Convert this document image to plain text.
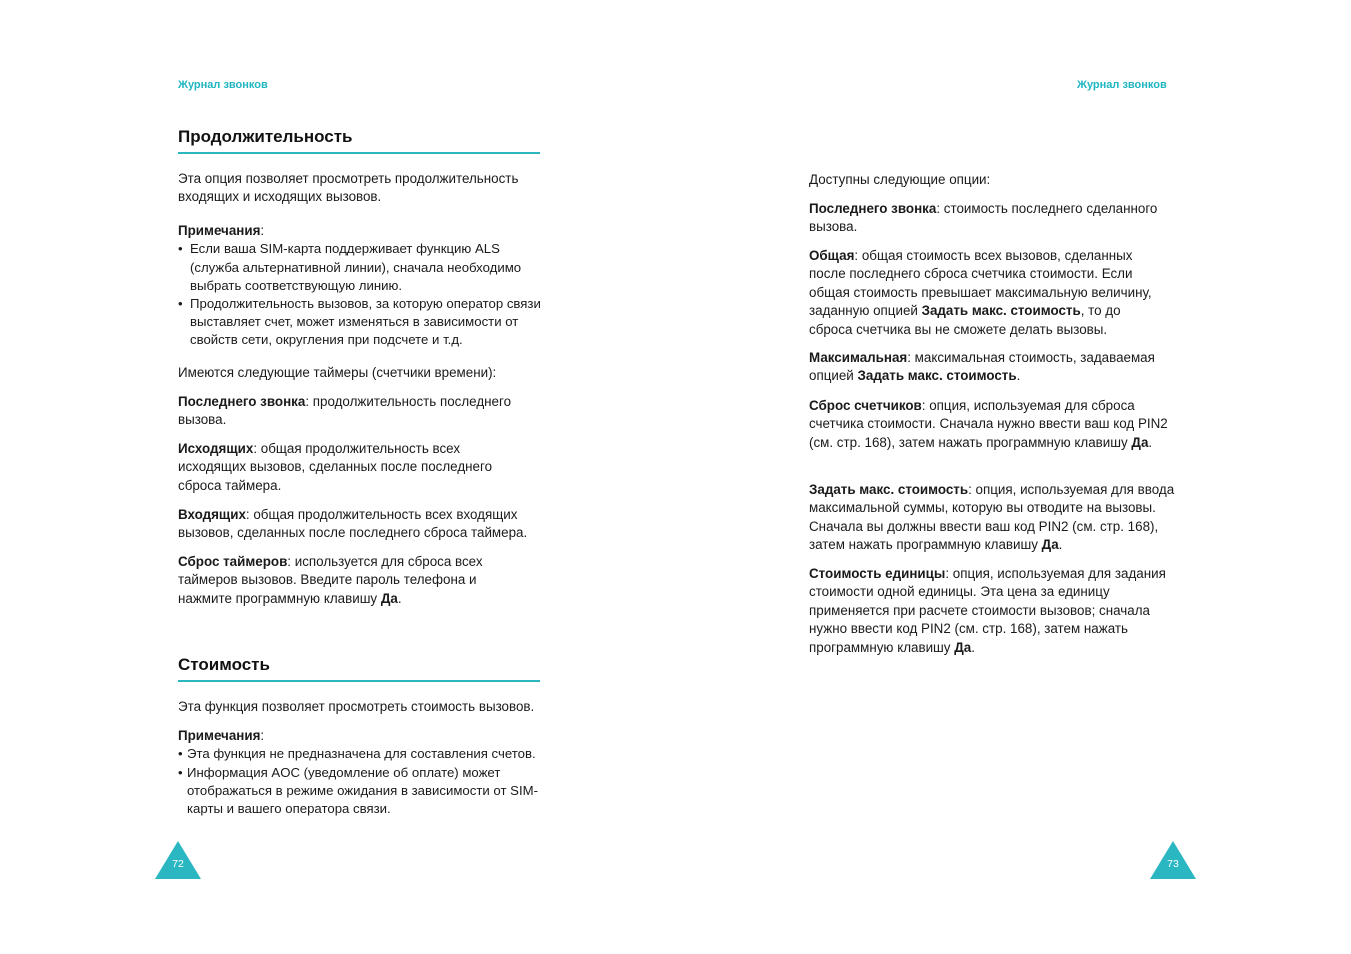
Журнал звонков
Продолжительность

Эта опция позволяет просмотреть продолжительность входящих и исходящих вызовов.

Примечания:

• Если ваша SIM-карта поддерживает функцию ALS (служба альтернативной линии), сначала необходимо выбрать соответствующую линию.
• Продолжительность вызовов, за которую оператор связи выставляет счет, может изменяться в зависимости от свойств сети, округления при подсчете и т.д.

Имеются следующие таймеры (счетчики времени):

Последнего звонка: продолжительность последнего вызова.

Исходящих: общая продолжительность всех исходящих вызовов, сделанных после последнего сброса таймера.

Входящих: общая продолжительность всех входящих вызовов, сделанных после последнего сброса таймера.

Сброс таймеров: используется для сброса всех таймеров вызовов. Введите пароль телефона и нажмите программную клавишу Да.

Стоимость

Эта функция позволяет просмотреть стоимость вызовов.

Примечания:

• Эта функция не предназначена для составления счетов.
• Информация AOC (уведомление об оплате) может отображаться в режиме ожидания в зависимости от SIM-карты и вашего оператора связи.
72
Журнал звонков

Доступны следующие опции:

Последнего звонка: стоимость последнего сделанного вызова.

Общая: общая стоимость всех вызовов, сделанных после последнего сброса счетчика стоимости. Если общая стоимость превышает максимальную величину, заданную опцией Задать макс. стоимость, то до сброса счетчика вы не сможете делать вызовы.

Максимальная: максимальная стоимость, задаваемая опцией Задать макс. стоимость.

Сброс счетчиков: опция, используемая для сброса счетчика стоимости. Сначала нужно ввести ваш код PIN2 (см. стр. 168), затем нажать программную клавишу Да.

Задать макс. стоимость: опция, используемая для ввода максимальной суммы, которую вы отводите на вызовы. Сначала вы должны ввести ваш код PIN2 (см. стр. 168), затем нажать программную клавишу Да.

Стоимость единицы: опция, используемая для задания стоимости одной единицы. Эта цена за единицу применяется при расчете стоимости вызовов; сначала нужно ввести код PIN2 (см. стр. 168), затем нажать программную клавишу Да.

73
